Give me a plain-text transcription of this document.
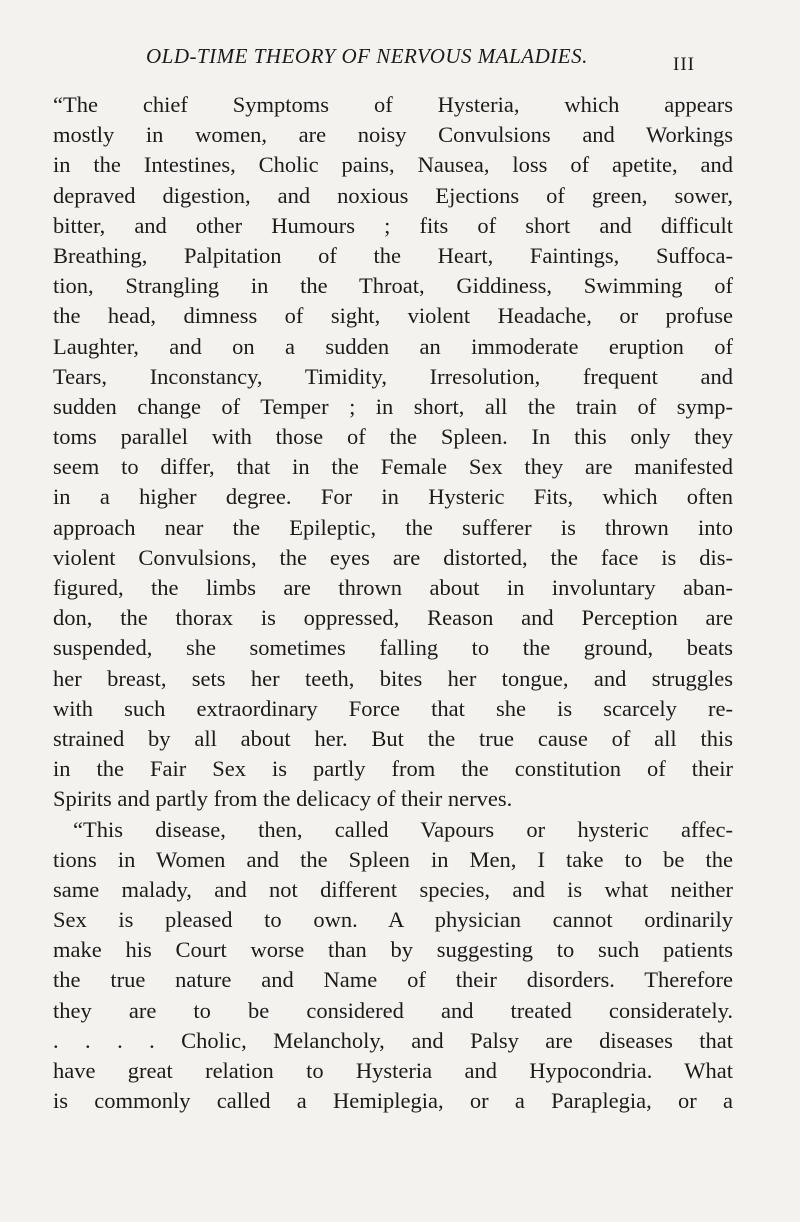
OLD-TIME THEORY OF NERVOUS MALADIES.	III
“The chief Symptoms of Hysteria, which appears
mostly in women, are noisy Convulsions and Workings
in the Intestines, Cholic pains, Nausea, loss of apetite, and
depraved digestion, and noxious Ejections of green, sower,
bitter, and other Humours ; fits of short and difficult
Breathing, Palpitation of the Heart, Faintings, Suffoca-
tion, Strangling in the Throat, Giddiness, Swimming of
the head, dimness of sight, violent Headache, or profuse
Laughter, and on a sudden an immoderate eruption of
Tears, Inconstancy, Timidity, Irresolution, frequent and
sudden change of Temper ; in short, all the train of symp-
toms parallel with those of the Spleen. In this only they
seem to differ, that in the Female Sex they are manifested
in a higher degree. For in Hysteric Fits, which often
approach near the Epileptic, the sufferer is thrown into
violent Convulsions, the eyes are distorted, the face is dis-
figured, the limbs are thrown about in involuntary aban-
don, the thorax is oppressed, Reason and Perception are
suspended, she sometimes falling to the ground, beats
her breast, sets her teeth, bites her tongue, and struggles
with such extraordinary Force that she is scarcely re-
strained by all about her. But the true cause of all this
in the Fair Sex is partly from the constitution of their
Spirits and partly from the delicacy of their nerves.
“This disease, then, called Vapours or hysteric affec-
tions in Women and the Spleen in Men, I take to be the
same malady, and not different species, and is what neither
Sex is pleased to own. A physician cannot ordinarily
make his Court worse than by suggesting to such patients
the true nature and Name of their disorders. Therefore
they are to be considered and treated considerately.
. . . . Cholic, Melancholy, and Palsy are diseases that
have great relation to Hysteria and Hypocondria. What
is commonly called a Hemiplegia, or a Paraplegia, or a
